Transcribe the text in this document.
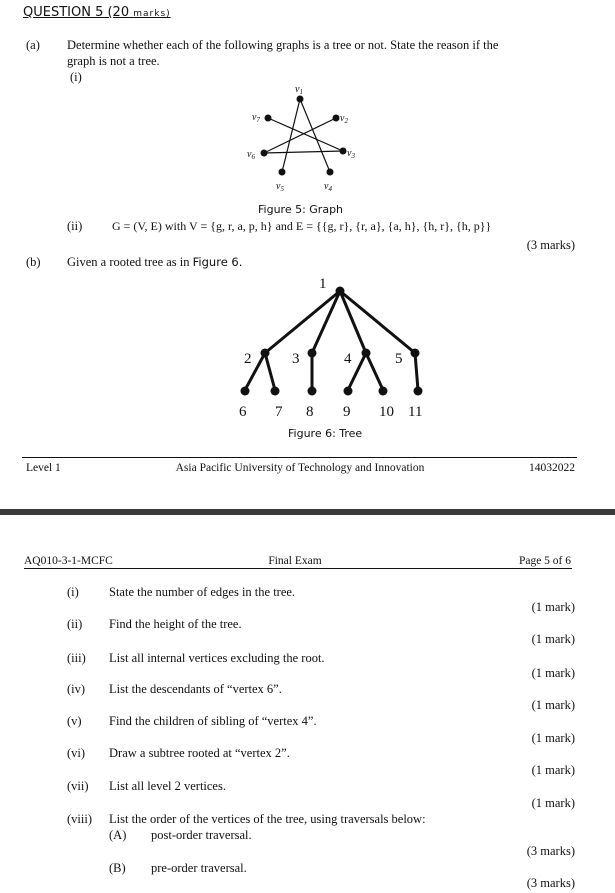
QUESTION 5 (20 marks)
(a) Determine whether each of the following graphs is a tree or not. State the reason if the
graph is not a tree.
(i)
$v_1$
$v_7$	$v_2$
$v_6$	$v_3$
$v_5$	$v_4$
Figure 5: Graph
(ii) G = (V, E) with V = {g, r, a, p, h} and E = {{g, r}, {r, a}, {a, h}, {h, r}, {h, p}}
(3 marks)
(b) Given a rooted tree as in Figure 6.
1
2	3	4	5
6 7 8 9 10 11
Figure 6: Tree
Level 1	Asia Pacific University of Technology and Innovation	14032022
AQ010-3-1-MCFC	Final Exam	Page 5 of 6
(i) State the number of edges in the tree.
(1 mark)
(ii) Find the height of the tree.
(1 mark)
(iii) List all internal vertices excluding the root.
(1 mark)
(iv) List the descendants of “vertex 6”.
(1 mark)
(v) Find the children of sibling of “vertex 4”.
(1 mark)
(vi) Draw a subtree rooted at “vertex 2”.
(1 mark)
(vii) List all level 2 vertices.
(1 mark)
(viii) List the order of the vertices of the tree, using traversals below:
(A) post-order traversal.
(3 marks)
(B) pre-order traversal.
(3 marks)
